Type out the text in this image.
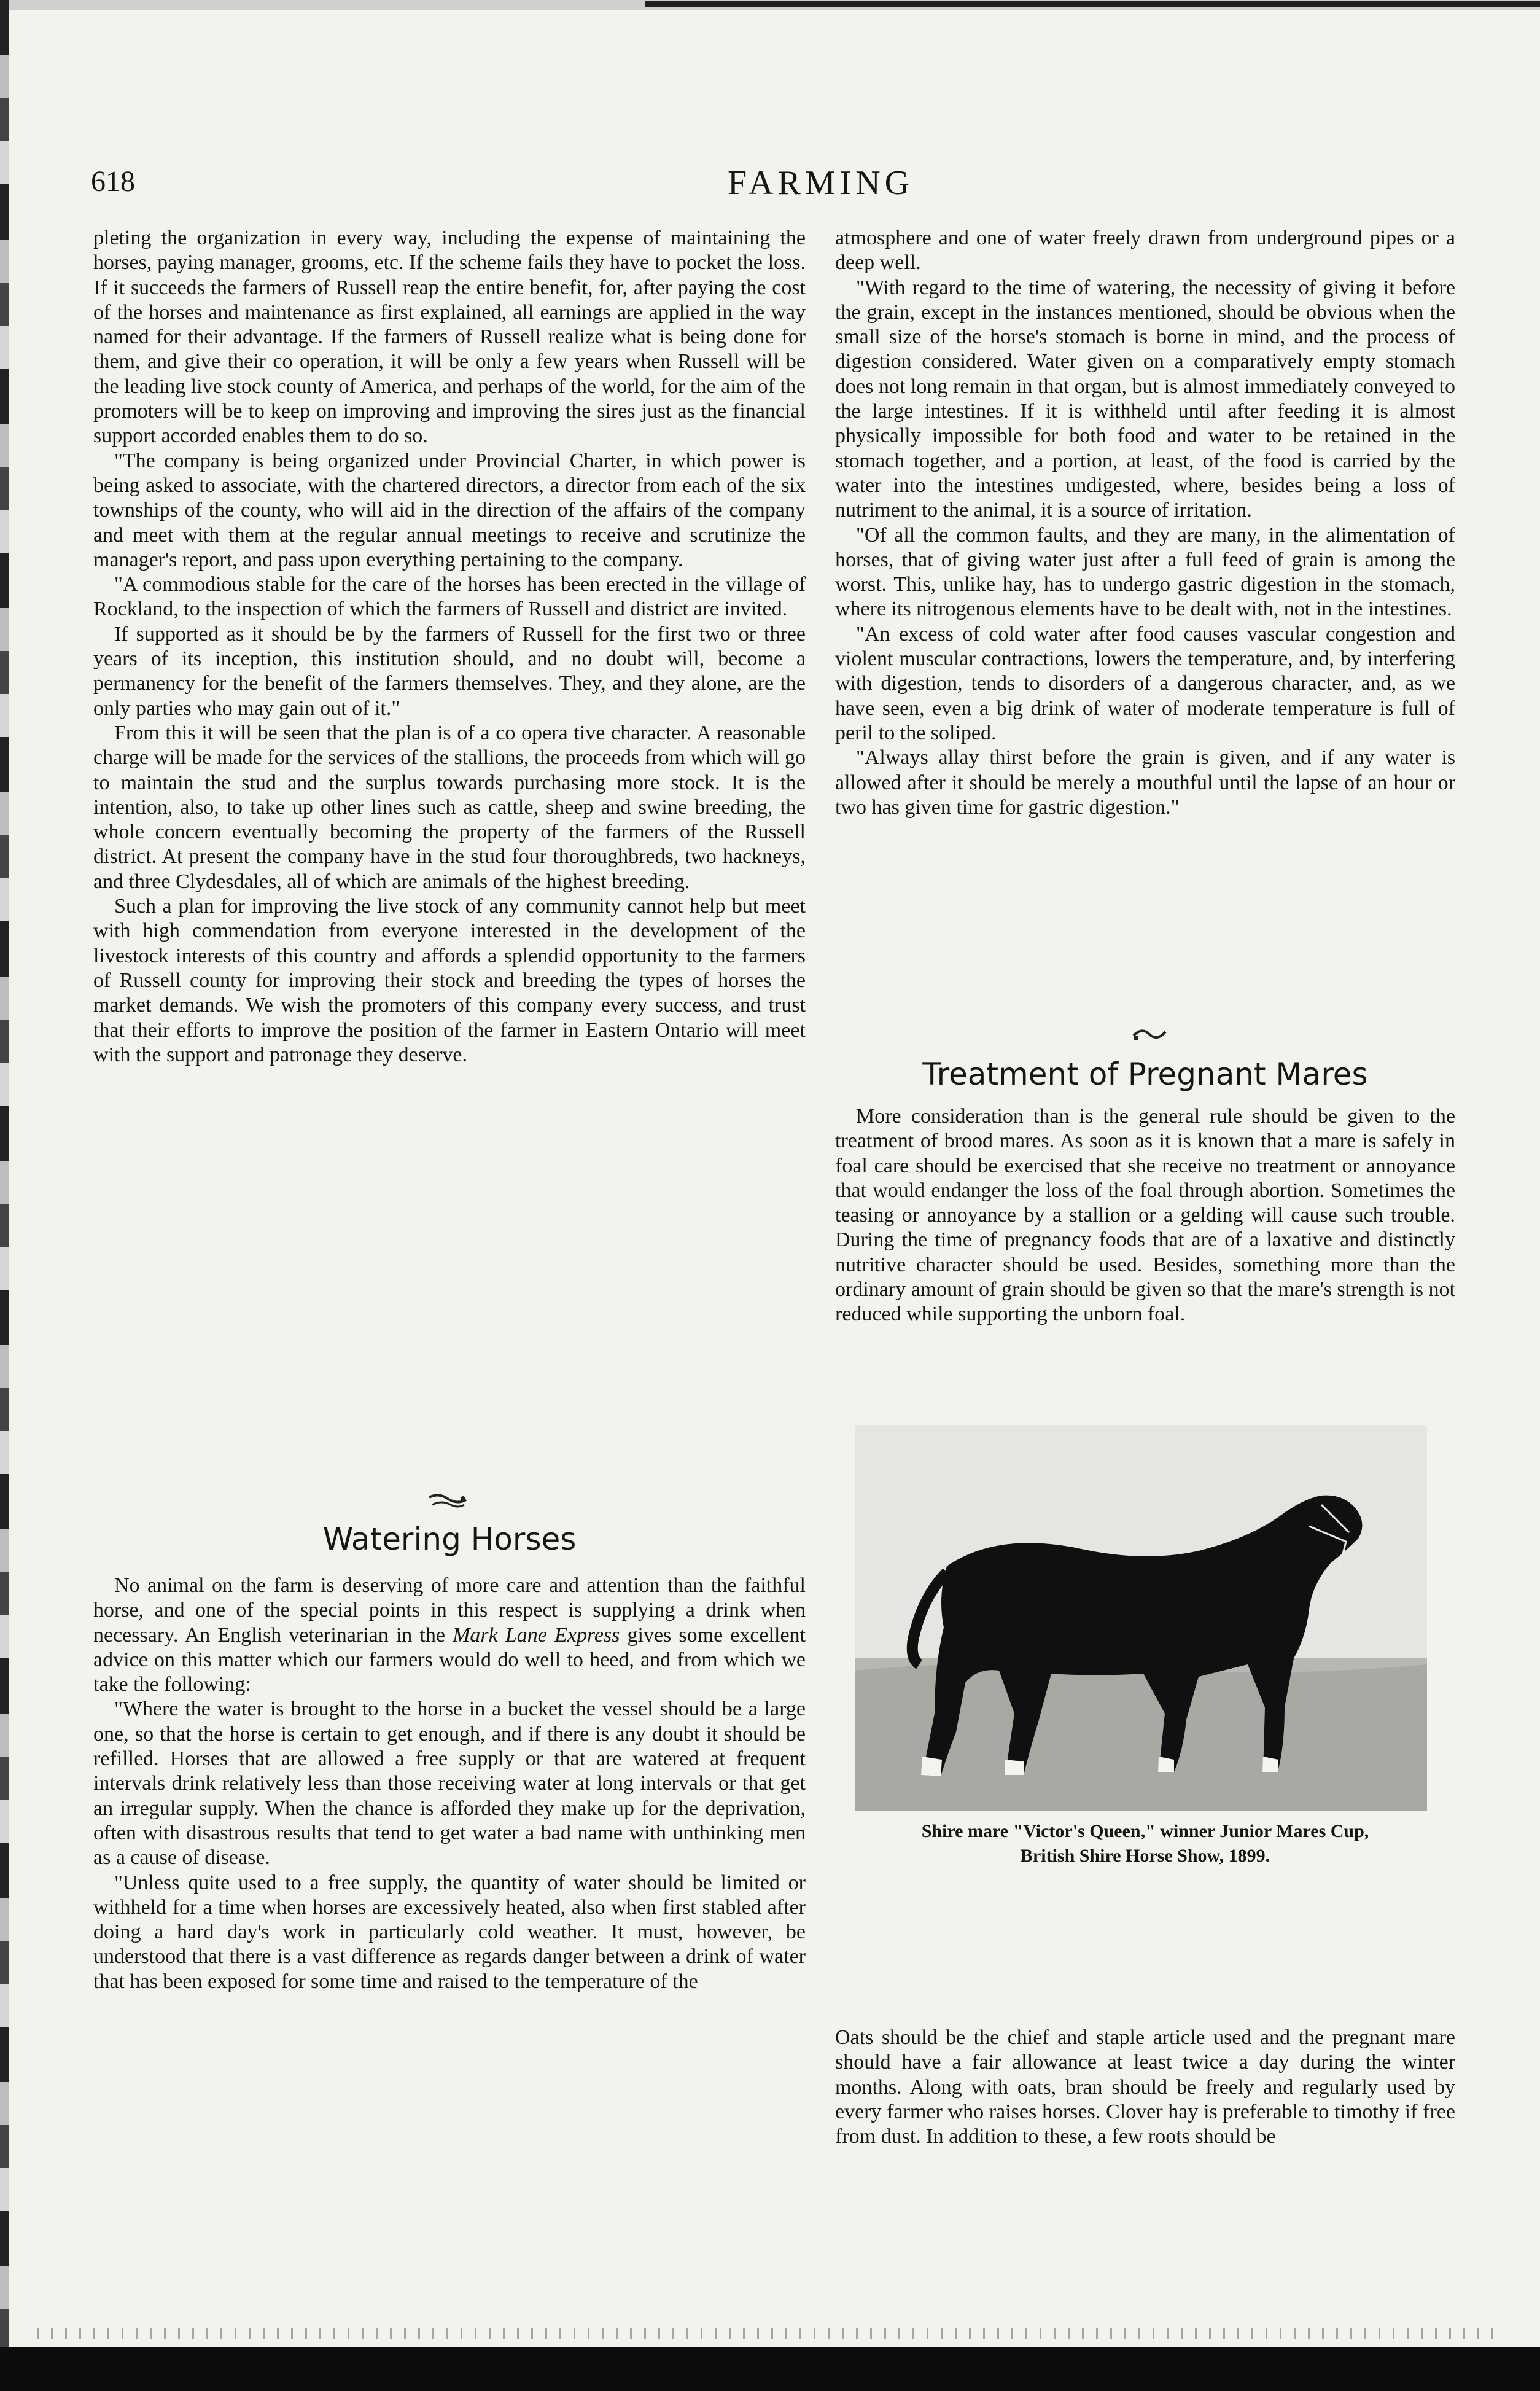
618	FARMING

pleting the organization in every way, including the expense of maintaining the horses, paying manager, grooms, etc. If the scheme fails they have to pocket the loss. If it succeeds the farmers of Russell reap the entire benefit, for, after paying the cost of the horses and maintenance as first explained, all earnings are applied in the way named for their advantage. If the farmers of Russell realize what is being done for them, and give their co operation, it will be only a few years when Russell will be the leading live stock county of America, and perhaps of the world, for the aim of the promoters will be to keep on improving and improving the sires just as the financial support accorded enables them to do so.

"The company is being organized under Provincial Charter, in which power is being asked to associate, with the chartered directors, a director from each of the six townships of the county, who will aid in the direction of the affairs of the company and meet with them at the regular annual meetings to receive and scrutinize the manager's report, and pass upon everything pertaining to the company.

"A commodious stable for the care of the horses has been erected in the village of Rockland, to the inspection of which the farmers of Russell and district are invited.

If supported as it should be by the farmers of Russell for the first two or three years of its inception, this institution should, and no doubt will, become a permanency for the benefit of the farmers themselves. They, and they alone, are the only parties who may gain out of it."

From this it will be seen that the plan is of a co opera tive character. A reasonable charge will be made for the services of the stallions, the proceeds from which will go to maintain the stud and the surplus towards purchasing more stock. It is the intention, also, to take up other lines such as cattle, sheep and swine breeding, the whole concern eventually becoming the property of the farmers of the Russell district. At present the company have in the stud four thoroughbreds, two hackneys, and three Clydesdales, all of which are animals of the highest breeding.

Such a plan for improving the live stock of any community cannot help but meet with high commendation from everyone interested in the development of the livestock interests of this country and affords a splendid opportunity to the farmers of Russell county for improving their stock and breeding the types of horses the market demands. We wish the promoters of this company every success, and trust that their efforts to improve the position of the farmer in Eastern Ontario will meet with the support and patronage they deserve.

Watering Horses

No animal on the farm is deserving of more care and attention than the faithful horse, and one of the special points in this respect is supplying a drink when necessary. An English veterinarian in the Mark Lane Express gives some excellent advice on this matter which our farmers would do well to heed, and from which we take the following:

"Where the water is brought to the horse in a bucket the vessel should be a large one, so that the horse is certain to get enough, and if there is any doubt it should be refilled. Horses that are allowed a free supply or that are watered at frequent intervals drink relatively less than those receiving water at long intervals or that get an irregular supply. When the chance is afforded they make up for the deprivation, often with disastrous results that tend to get water a bad name with unthinking men as a cause of disease.

"Unless quite used to a free supply, the quantity of water should be limited or withheld for a time when horses are excessively heated, also when first stabled after doing a hard day's work in particularly cold weather. It must, however, be understood that there is a vast difference as regards danger between a drink of water that has been exposed for some time and raised to the temperature of the

atmosphere and one of water freely drawn from underground pipes or a deep well.

"With regard to the time of watering, the necessity of giving it before the grain, except in the instances mentioned, should be obvious when the small size of the horse's stomach is borne in mind, and the process of digestion considered. Water given on a comparatively empty stomach does not long remain in that organ, but is almost immediately conveyed to the large intestines. If it is withheld until after feeding it is almost physically impossible for both food and water to be retained in the stomach together, and a portion, at least, of the food is carried by the water into the intestines undigested, where, besides being a loss of nutriment to the animal, it is a source of irritation.

"Of all the common faults, and they are many, in the alimentation of horses, that of giving water just after a full feed of grain is among the worst. This, unlike hay, has to undergo gastric digestion in the stomach, where its nitrogenous elements have to be dealt with, not in the intestines.

"An excess of cold water after food causes vascular congestion and violent muscular contractions, lowers the temperature, and, by interfering with digestion, tends to disorders of a dangerous character, and, as we have seen, even a big drink of water of moderate temperature is full of peril to the soliped.

"Always allay thirst before the grain is given, and if any water is allowed after it should be merely a mouthful until the lapse of an hour or two has given time for gastric digestion."

Treatment of Pregnant Mares

More consideration than is the general rule should be given to the treatment of brood mares. As soon as it is known that a mare is safely in foal care should be exercised that she receive no treatment or annoyance that would endanger the loss of the foal through abortion. Sometimes the teasing or annoyance by a stallion or a gelding will cause such trouble. During the time of pregnancy foods that are of a laxative and distinctly nutritive character should be used. Besides, something more than the ordinary amount of grain should be given so that the mare's strength is not reduced while supporting the unborn foal.

Shire mare "Victor's Queen," winner Junior Mares Cup,
British Shire Horse Show, 1899.

Oats should be the chief and staple article used and the pregnant mare should have a fair allowance at least twice a day during the winter months. Along with oats, bran should be freely and regularly used by every farmer who raises horses. Clover hay is preferable to timothy if free from dust. In addition to these, a few roots should be
